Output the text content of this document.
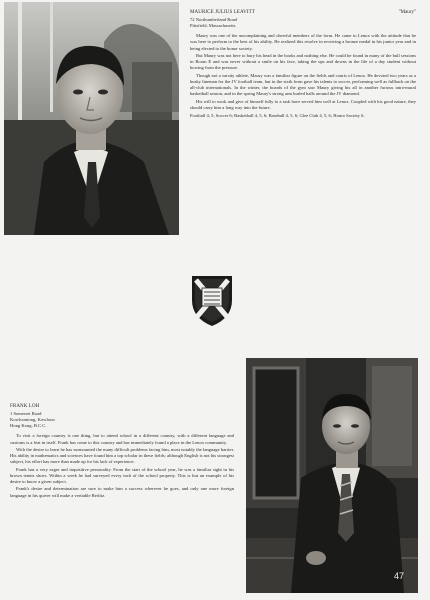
"Maury"

MAURICE JULIUS LEAVITT

72 Northumberland Road

Pittsfield, Massachusetts

Maury was one of the uncomplaining and cheerful members of the form. He came to Lenox with the attitude that he was here to perform to the best of his ability. He realized this resolve in receiving a bronze medal in his junior year and in being elected to the honor society.

But Maury was not here to bury his head in the books and nothing else. He could be found in many of the bull sessions in Room E and was never without a smile on his face, taking the ups and downs in the life of a day student without bowing from the pressure.

Though not a varsity athlete, Maury was a familiar figure on the fields and courts of Lenox. He devoted two years as a husky lineman for the JV football team, but in the sixth form gave his talents to soccer, performing well as fullback on the all-club internationals. In the winter, the boards of the gym saw Maury giving his all in another furious intra-mural basketball season, and in the spring Maury's strong arm hurled balls around the JV diamond.

His will to work and give of himself fully to a task have served him well at Lenox. Coupled with his good nature, they should carry him a long way into the future.

Football 4, 5; Soccer 6; Basketball 4, 5, 6; Baseball 4, 5, 6; Glee Club 4, 5, 6; Honor Society 6.

FRANK LOH

1 Somerset Road

Kowloontong, Kowloon

Hong Kong, B.C.C.

To visit a foreign country is one thing, but to attend school in a different country, with a different language and customs is a feat in itself. Frank has come to this country and has immediately found a place in the Lenox community.

With the desire to learn he has surmounted the many difficult problems facing him, most notably the language barrier. His ability in mathematics and sciences have found him a top scholar in these fields; although English is not his strongest subject, his effort has more than made up for his lack of experience.

Frank has a very eager and inquisitive personality. From the start of the school year, he was a familiar sight in his brown tennis shoes. Within a week he had surveyed every inch of the school property. This is but an example of his desire to know a given subject.

Frank's desire and determination are sure to make him a success wherever he goes, and only one more foreign language in his quiver will make a veritable Berlitz.

47
